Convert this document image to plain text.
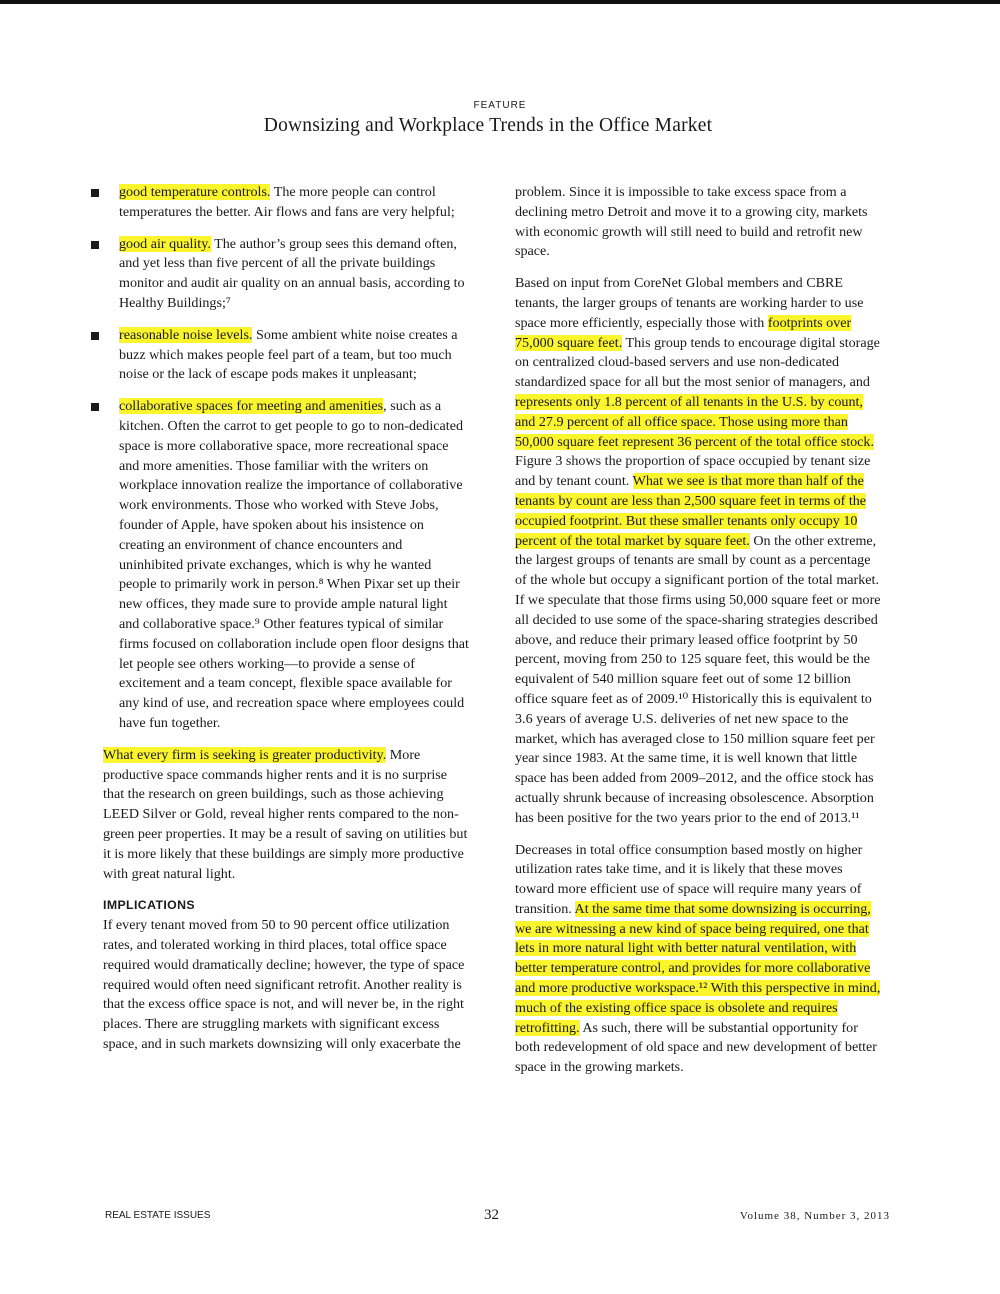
FEATURE
Downsizing and Workplace Trends in the Office Market
good temperature controls. The more people can control temperatures the better. Air flows and fans are very helpful;
good air quality. The author’s group sees this demand often, and yet less than five percent of all the private buildings monitor and audit air quality on an annual basis, according to Healthy Buildings;⁷
reasonable noise levels. Some ambient white noise creates a buzz which makes people feel part of a team, but too much noise or the lack of escape pods makes it unpleasant;
collaborative spaces for meeting and amenities, such as a kitchen. Often the carrot to get people to go to non-dedicated space is more collaborative space, more recreational space and more amenities. Those familiar with the writers on workplace innovation realize the importance of collaborative work environments. Those who worked with Steve Jobs, founder of Apple, have spoken about his insistence on creating an environment of chance encounters and uninhibited private exchanges, which is why he wanted people to primarily work in person.⁸ When Pixar set up their new offices, they made sure to provide ample natural light and collaborative space.⁹ Other features typical of similar firms focused on collaboration include open floor designs that let people see others working—to provide a sense of excitement and a team concept, flexible space available for any kind of use, and recreation space where employees could have fun together.

What every firm is seeking is greater productivity. More productive space commands higher rents and it is no surprise that the research on green buildings, such as those achieving LEED Silver or Gold, reveal higher rents compared to the non-green peer properties. It may be a result of saving on utilities but it is more likely that these buildings are simply more productive with great natural light.

IMPLICATIONS

If every tenant moved from 50 to 90 percent office utilization rates, and tolerated working in third places, total office space required would dramatically decline; however, the type of space required would often need significant retrofit. Another reality is that the excess office space is not, and will never be, in the right places. There are struggling markets with significant excess space, and in such markets downsizing will only exacerbate the

problem. Since it is impossible to take excess space from a declining metro Detroit and move it to a growing city, markets with economic growth will still need to build and retrofit new space.

Based on input from CoreNet Global members and CBRE tenants, the larger groups of tenants are working harder to use space more efficiently, especially those with footprints over 75,000 square feet. This group tends to encourage digital storage on centralized cloud-based servers and use non-dedicated standardized space for all but the most senior of managers, and represents only 1.8 percent of all tenants in the U.S. by count, and 27.9 percent of all office space. Those using more than 50,000 square feet represent 36 percent of the total office stock. Figure 3 shows the proportion of space occupied by tenant size and by tenant count. What we see is that more than half of the tenants by count are less than 2,500 square feet in terms of the occupied footprint. But these smaller tenants only occupy 10 percent of the total market by square feet. On the other extreme, the largest groups of tenants are small by count as a percentage of the whole but occupy a significant portion of the total market. If we speculate that those firms using 50,000 square feet or more all decided to use some of the space-sharing strategies described above, and reduce their primary leased office footprint by 50 percent, moving from 250 to 125 square feet, this would be the equivalent of 540 million square feet out of some 12 billion office square feet as of 2009.¹⁰ Historically this is equivalent to 3.6 years of average U.S. deliveries of net new space to the market, which has averaged close to 150 million square feet per year since 1983. At the same time, it is well known that little space has been added from 2009–2012, and the office stock has actually shrunk because of increasing obsolescence. Absorption has been positive for the two years prior to the end of 2013.¹¹

Decreases in total office consumption based mostly on higher utilization rates take time, and it is likely that these moves toward more efficient use of space will require many years of transition. At the same time that some downsizing is occurring, we are witnessing a new kind of space being required, one that lets in more natural light with better natural ventilation, with better temperature control, and provides for more collaborative and more productive workspace.¹² With this perspective in mind, much of the existing office space is obsolete and requires retrofitting. As such, there will be substantial opportunity for both redevelopment of old space and new development of better space in the growing markets.

REAL ESTATE ISSUES	32	Volume 38, Number 3, 2013
